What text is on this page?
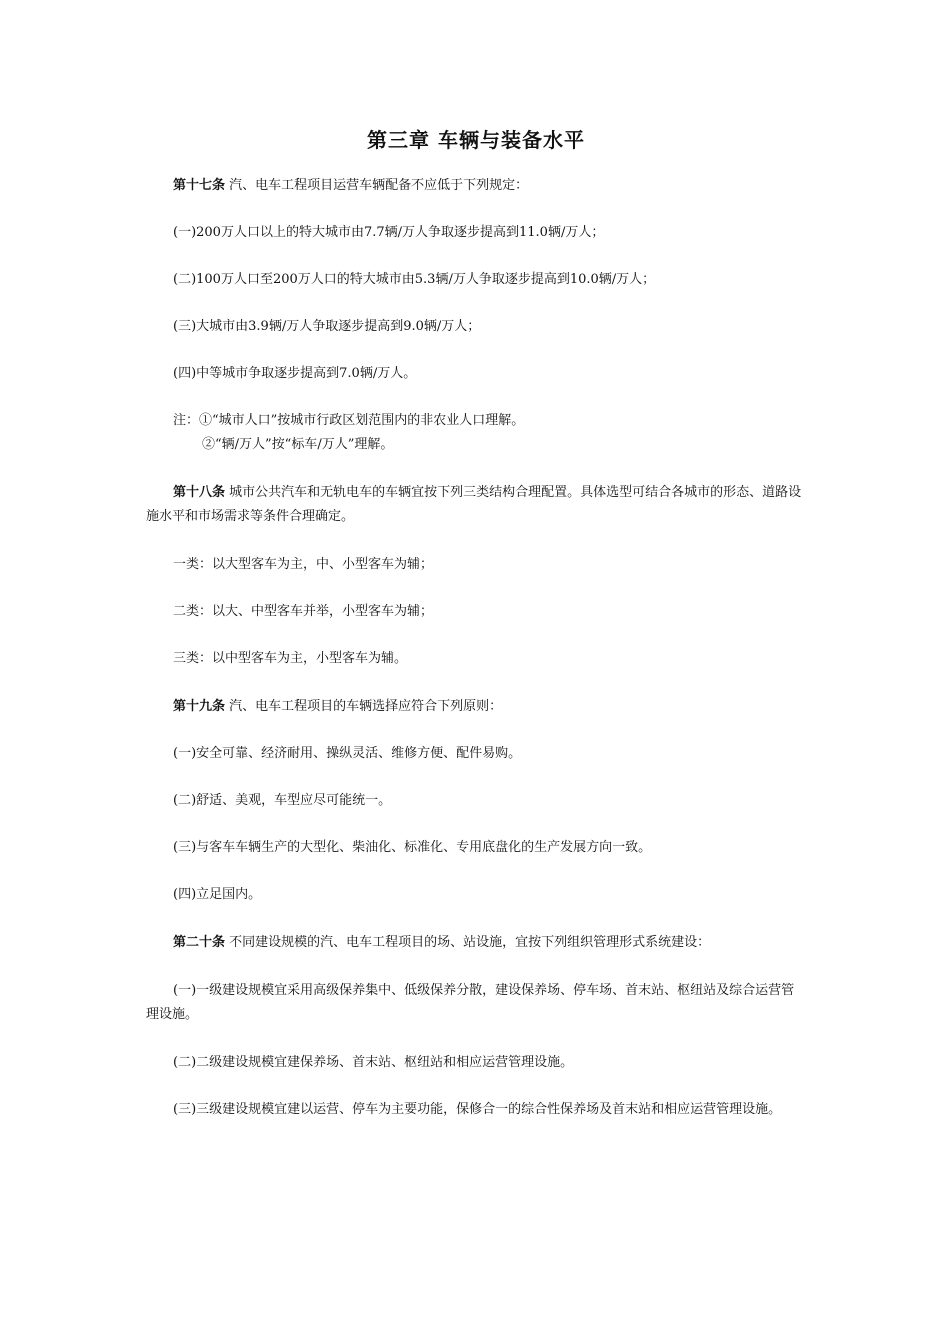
第三章 车辆与装备水平
第十七条 汽、电车工程项目运营车辆配备不应低于下列规定：
(一)200万人口以上的特大城市由7.7辆/万人争取逐步提高到11.0辆/万人；
(二)100万人口至200万人口的特大城市由5.3辆/万人争取逐步提高到10.0辆/万人；
(三)大城市由3.9辆/万人争取逐步提高到9.0辆/万人；
(四)中等城市争取逐步提高到7.0辆/万人。
注：①“城市人口”按城市行政区划范围内的非农业人口理解。
②“辆/万人”按“标车/万人”理解。
第十八条 城市公共汽车和无轨电车的车辆宜按下列三类结构合理配置。具体选型可结合各城市的形态、道路设施水平和市场需求等条件合理确定。
一类：以大型客车为主，中、小型客车为辅；
二类：以大、中型客车并举，小型客车为辅；
三类：以中型客车为主，小型客车为辅。
第十九条 汽、电车工程项目的车辆选择应符合下列原则：
(一)安全可靠、经济耐用、操纵灵活、维修方便、配件易购。
(二)舒适、美观，车型应尽可能统一。
(三)与客车车辆生产的大型化、柴油化、标准化、专用底盘化的生产发展方向一致。
(四)立足国内。
第二十条 不同建设规模的汽、电车工程项目的场、站设施，宜按下列组织管理形式系统建设：
(一)一级建设规模宜采用高级保养集中、低级保养分散，建设保养场、停车场、首末站、枢纽站及综合运营管理设施。
(二)二级建设规模宜建保养场、首末站、枢纽站和相应运营管理设施。
(三)三级建设规模宜建以运营、停车为主要功能，保修合一的综合性保养场及首末站和相应运营管理设施。
